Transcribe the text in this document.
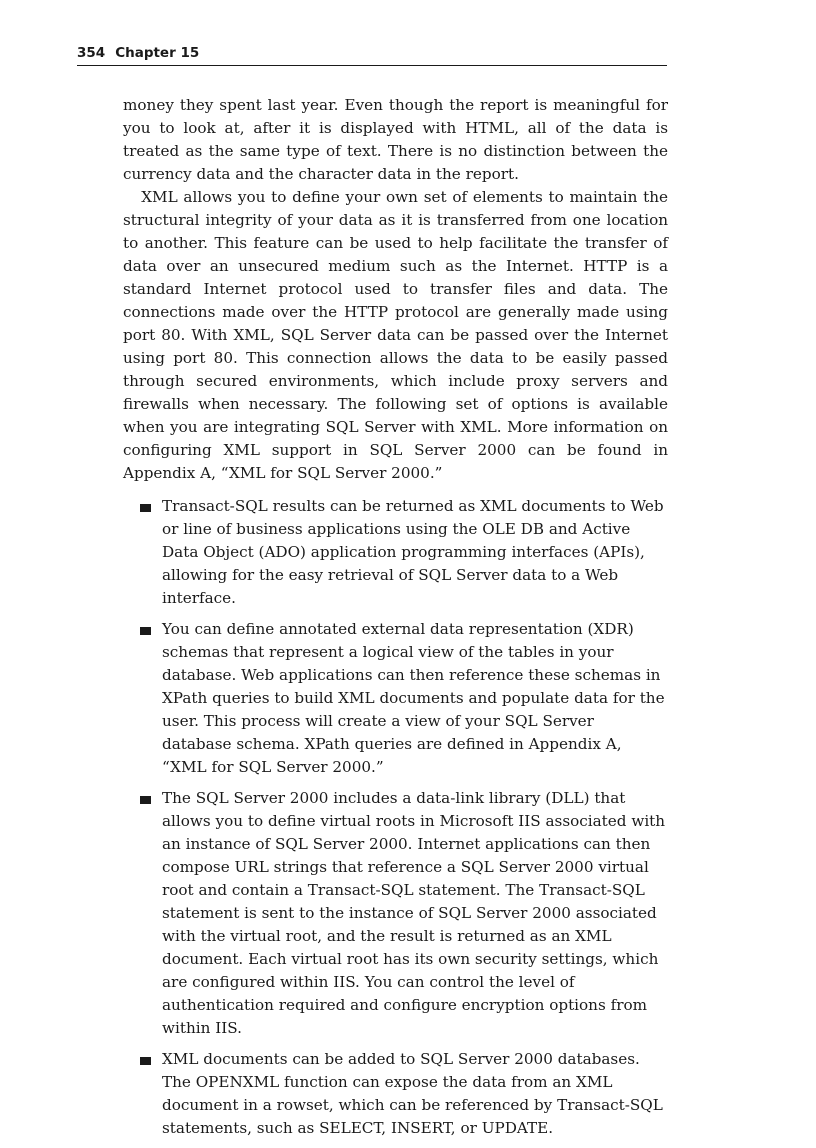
354 Chapter 15

money they spent last year. Even though the report is meaningful for you to look at, after it is displayed with HTML, all of the data is treated as the same type of text. There is no distinction between the currency data and the character data in the report.

XML allows you to define your own set of elements to maintain the structural integrity of your data as it is transferred from one location to another. This feature can be used to help facilitate the transfer of data over an unsecured medium such as the Internet. HTTP is a standard Internet protocol used to transfer files and data. The connections made over the HTTP protocol are generally made using port 80. With XML, SQL Server data can be passed over the Internet using port 80. This connection allows the data to be easily passed through secured environments, which include proxy servers and firewalls when necessary. The following set of options is available when you are integrating SQL Server with XML. More information on configuring XML support in SQL Server 2000 can be found in Appendix A, “XML for SQL Server 2000.”

Transact-SQL results can be returned as XML documents to Web or line of business applications using the OLE DB and Active Data Object (ADO) application programming interfaces (APIs), allowing for the easy retrieval of SQL Server data to a Web interface.
You can define annotated external data representation (XDR) schemas that represent a logical view of the tables in your database. Web applications can then reference these schemas in XPath queries to build XML documents and populate data for the user. This process will create a view of your SQL Server database schema. XPath queries are defined in Appendix A, “XML for SQL Server 2000.”
The SQL Server 2000 includes a data-link library (DLL) that allows you to define virtual roots in Microsoft IIS associated with an instance of SQL Server 2000. Internet applications can then compose URL strings that reference a SQL Server 2000 virtual root and contain a Transact-SQL statement. The Transact-SQL statement is sent to the instance of SQL Server 2000 associated with the virtual root, and the result is returned as an XML document. Each virtual root has its own security settings, which are configured within IIS. You can control the level of authentication required and configure encryption options from within IIS.
XML documents can be added to SQL Server 2000 databases. The OPENXML function can expose the data from an XML document in a rowset, which can be referenced by Transact-SQL statements, such as SELECT, INSERT, or UPDATE.
